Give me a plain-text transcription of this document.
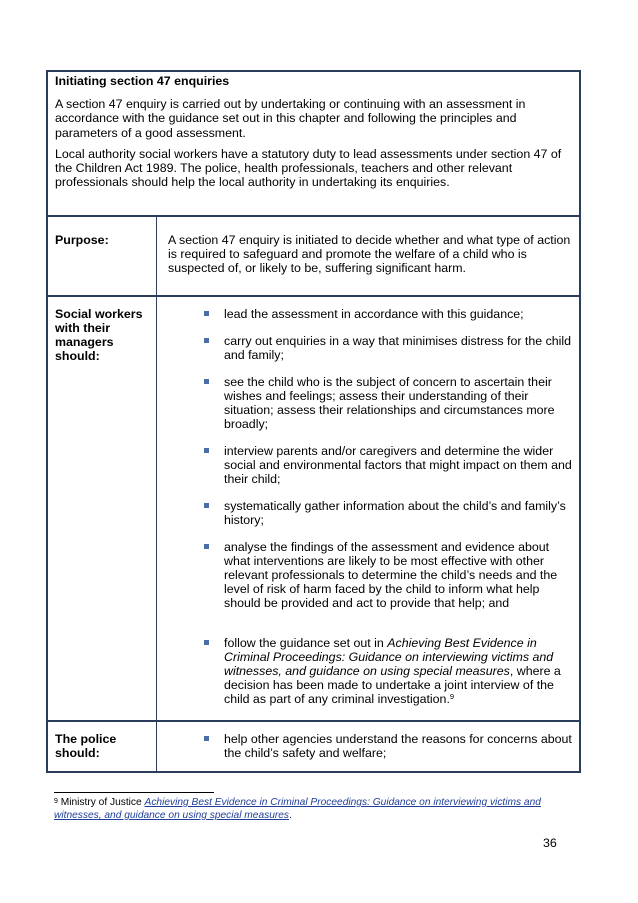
Initiating section 47 enquiries

A section 47 enquiry is carried out by undertaking or continuing with an assessment in accordance with the guidance set out in this chapter and following the principles and parameters of a good assessment.

Local authority social workers have a statutory duty to lead assessments under section 47 of the Children Act 1989. The police, health professionals, teachers and other relevant professionals should help the local authority in undertaking its enquiries.

Purpose:	A section 47 enquiry is initiated to decide whether and what type of action is required to safeguard and promote the welfare of a child who is suspected of, or likely to be, suffering significant harm.
Social workers with their managers should:
lead the assessment in accordance with this guidance;
carry out enquiries in a way that minimises distress for the child and family;
see the child who is the subject of concern to ascertain their wishes and feelings; assess their understanding of their situation; assess their relationships and circumstances more broadly;
interview parents and/or caregivers and determine the wider social and environmental factors that might impact on them and their child;
systematically gather information about the child’s and family’s history;
analyse the findings of the assessment and evidence about what interventions are likely to be most effective with other relevant professionals to determine the child’s needs and the level of risk of harm faced by the child to inform what help should be provided and act to provide that help; and
follow the guidance set out in Achieving Best Evidence in Criminal Proceedings: Guidance on interviewing victims and witnesses, and guidance on using special measures, where a decision has been made to undertake a joint interview of the child as part of any criminal investigation.$^9$
The police should:
help other agencies understand the reasons for concerns about the child’s safety and welfare;
$^9$ Ministry of Justice Achieving Best Evidence in Criminal Proceedings: Guidance on interviewing victims and witnesses, and guidance on using special measures.
36
